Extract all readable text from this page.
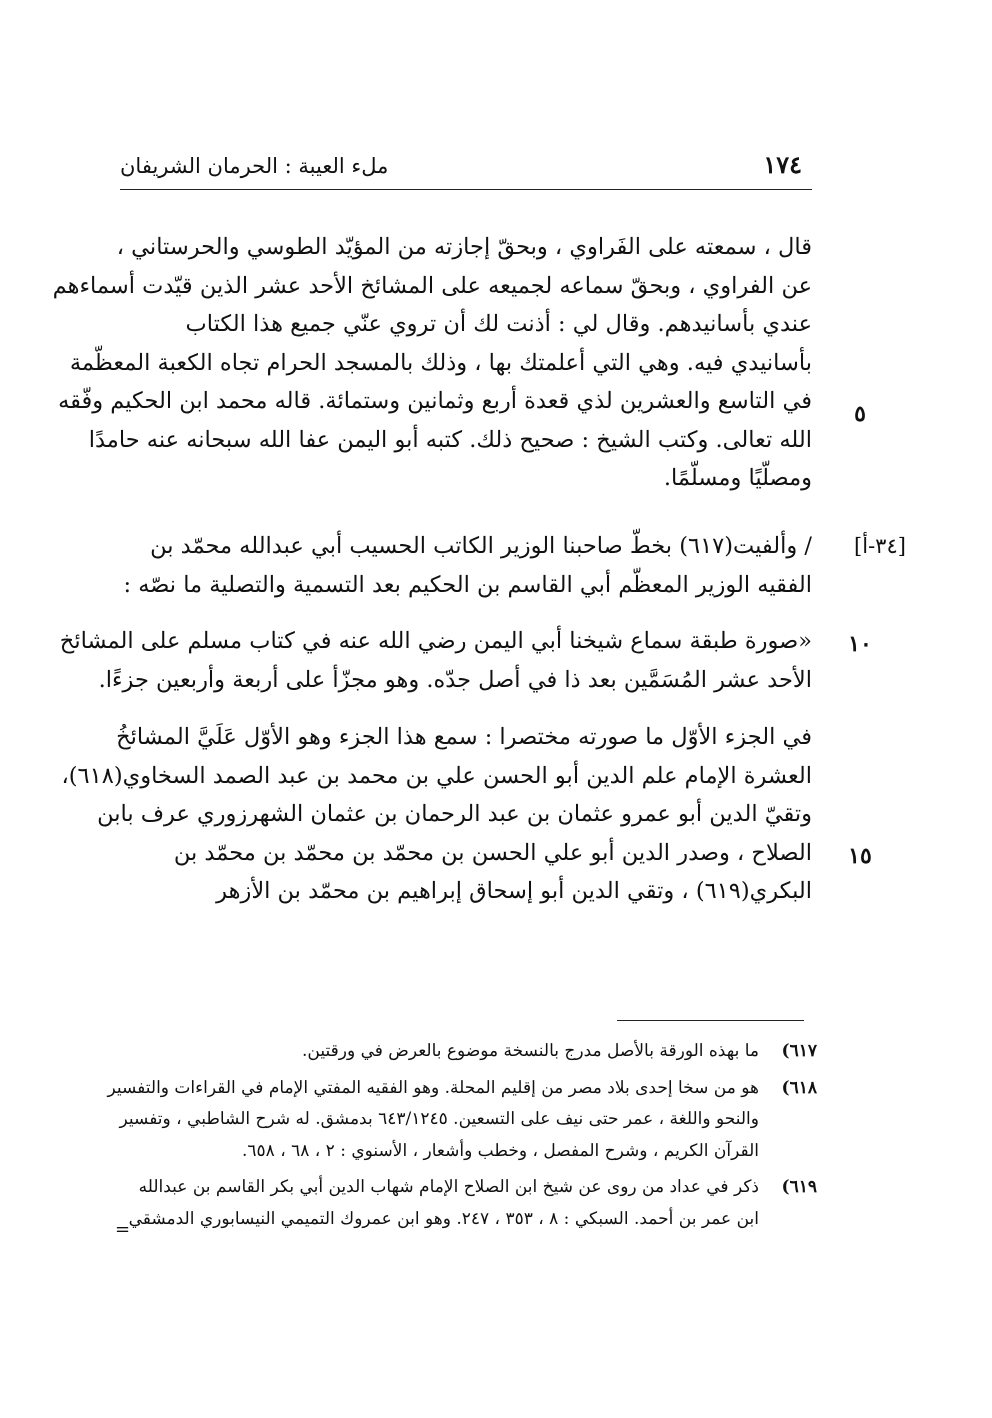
١٧٤
ملء العيبة : الحرمان الشريفان
[٣٤-أ]
٥
١٠
١٥
قال ، سمعته على الفَراوي ، وبحقّ إجازته من المؤيّد الطوسي والحرستاني ،
عن الفراوي ، وبحقّ سماعه لجميعه على المشائخ الأحد عشر الذين قيّدت أسماءهم
عندي بأسانيدهم. وقال لي : أذنت لك أن تروي عنّي جميع هذا الكتاب
بأسانيدي فيه. وهي التي أعلمتك بها ، وذلك بالمسجد الحرام تجاه الكعبة المعظّمة
في التاسع والعشرين لذي قعدة أربع وثمانين وستمائة. قاله محمد ابن الحكيم وفّقه
الله تعالى. وكتب الشيخ : صحيح ذلك. كتبه أبو اليمن عفا الله سبحانه عنه حامدًا
ومصلّيًا ومسلّمًا.
/ وألفيت(٦١٧) بخطّ صاحبنا الوزير الكاتب الحسيب أبي عبدالله محمّد بن
الفقيه الوزير المعظّم أبي القاسم بن الحكيم بعد التسمية والتصلية ما نصّه :
«صورة طبقة سماع شيخنا أبي اليمن رضي الله عنه في كتاب مسلم على المشائخ
الأحد عشر المُسَمَّين بعد ذا في أصل جدّه. وهو مجزّأ على أربعة وأربعين جزءًا.
في الجزء الأوّل ما صورته مختصرا : سمع هذا الجزء وهو الأوّل عَلَيَّ المشائخُ
العشرة الإمام علم الدين أبو الحسن علي بن محمد بن عبد الصمد السخاوي(٦١٨)،
وتقيّ الدين أبو عمرو عثمان بن عبد الرحمان بن عثمان الشهرزوري عرف بابن
الصلاح ، وصدر الدين أبو علي الحسن بن محمّد بن محمّد بن محمّد بن
البكري(٦١٩) ، وتقي الدين أبو إسحاق إبراهيم بن محمّد بن الأزهر
٦١٧)
ما بهذه الورقة بالأصل مدرج بالنسخة موضوع بالعرض في ورقتين.
٦١٨)
هو من سخا إحدى بلاد مصر من إقليم المحلة. وهو الفقيه المفتي الإمام في القراءات والتفسير
والنحو واللغة ، عمر حتى نيف على التسعين. ٦٤٣/١٢٤٥ بدمشق. له شرح الشاطبي ، وتفسير
القرآن الكريم ، وشرح المفصل ، وخطب وأشعار ، الأسنوي : ٢ ، ٦٨ ، ٦٥٨.
٦١٩)
ذكر في عداد من روى عن شيخ ابن الصلاح الإمام شهاب الدين أبي بكر القاسم بن عبدالله
ابن عمر بن أحمد. السبكي : ٨ ، ٣٥٣ ، ٢٤٧. وهو ابن عمروك التميمي النيسابوري الدمشقي
=
